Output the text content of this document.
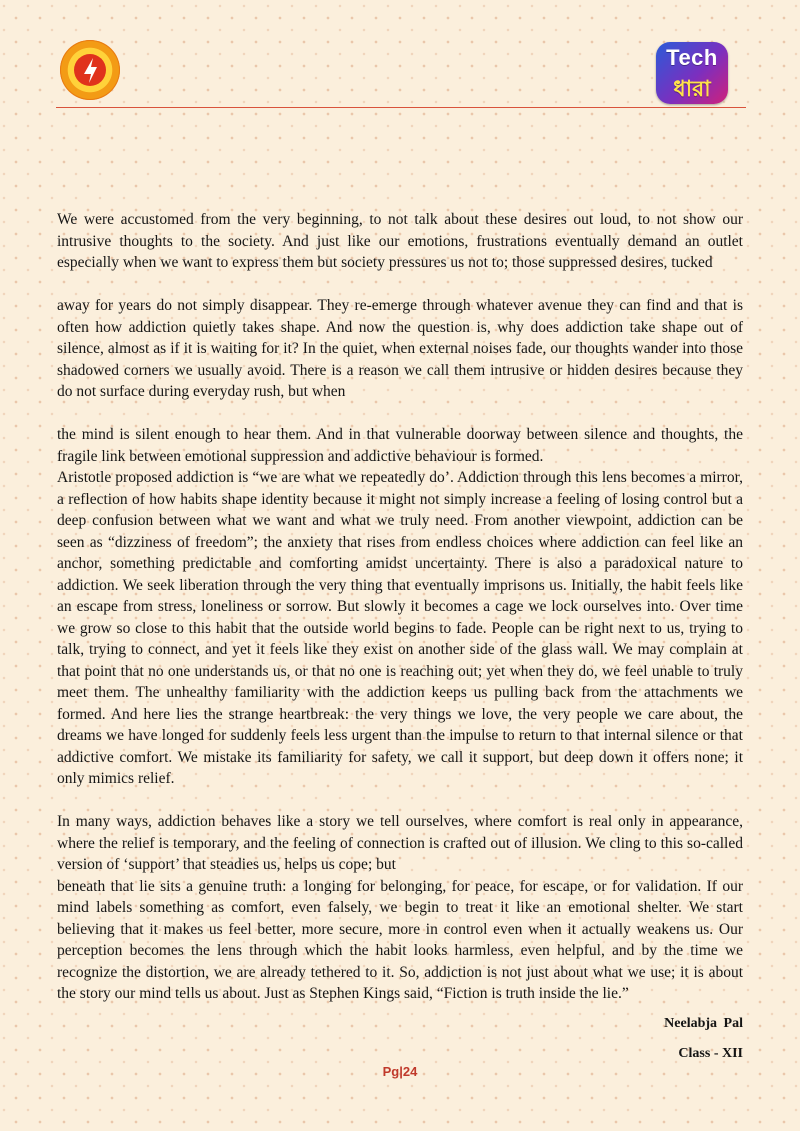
Tech
ধারা

We were accustomed from the very beginning, to not talk about these desires out loud, to not show our intrusive thoughts to the society. And just like our emotions, frustrations eventually demand an outlet especially when we want to express them but society pressures us not to; those suppressed desires, tucked

away for years do not simply disappear. They re-emerge through whatever avenue they can find and that is often how addiction quietly takes shape. And now the question is, why does addiction take shape out of silence, almost as if it is waiting for it? In the quiet, when external noises fade, our thoughts wander into those shadowed corners we usually avoid. There is a reason we call them intrusive or hidden desires because they do not surface during everyday rush, but when

the mind is silent enough to hear them. And in that vulnerable doorway between silence and thoughts, the fragile link between emotional suppression and addictive behaviour is formed.

Aristotle proposed addiction is “we are what we repeatedly do’. Addiction through this lens becomes a mirror, a reflection of how habits shape identity because it might not simply increase a feeling of losing control but a deep confusion between what we want and what we truly need. From another viewpoint, addiction can be seen as “dizziness of freedom”; the anxiety that rises from endless choices where addiction can feel like an anchor, something predictable and comforting amidst uncertainty. There is also a paradoxical nature to addiction. We seek liberation through the very thing that eventually imprisons us. Initially, the habit feels like an escape from stress, loneliness or sorrow. But slowly it becomes a cage we lock ourselves into. Over time we grow so close to this habit that the outside world begins to fade. People can be right next to us, trying to talk, trying to connect, and yet it feels like they exist on another side of the glass wall. We may complain at that point that no one understands us, or that no one is reaching out; yet when they do, we feel unable to truly meet them. The unhealthy familiarity with the addiction keeps us pulling back from the attachments we formed. And here lies the strange heartbreak: the very things we love, the very people we care about, the dreams we have longed for suddenly feels less urgent than the impulse to return to that internal silence or that addictive comfort. We mistake its familiarity for safety, we call it support, but deep down it offers none; it only mimics relief.

In many ways, addiction behaves like a story we tell ourselves, where comfort is real only in appearance, where the relief is temporary, and the feeling of connection is crafted out of illusion. We cling to this so-called version of ‘support’ that steadies us, helps us cope; but

beneath that lie sits a genuine truth: a longing for belonging, for peace, for escape, or for validation. If our mind labels something as comfort, even falsely, we begin to treat it like an emotional shelter. We start believing that it makes us feel better, more secure, more in control even when it actually weakens us. Our perception becomes the lens through which the habit looks harmless, even helpful, and by the time we recognize the distortion, we are already tethered to it. So, addiction is not just about what we use; it is about the story our mind tells us about. Just as Stephen Kings said, “Fiction is truth inside the lie.”

Neelabja Pal
Class - XII
Pg|24
